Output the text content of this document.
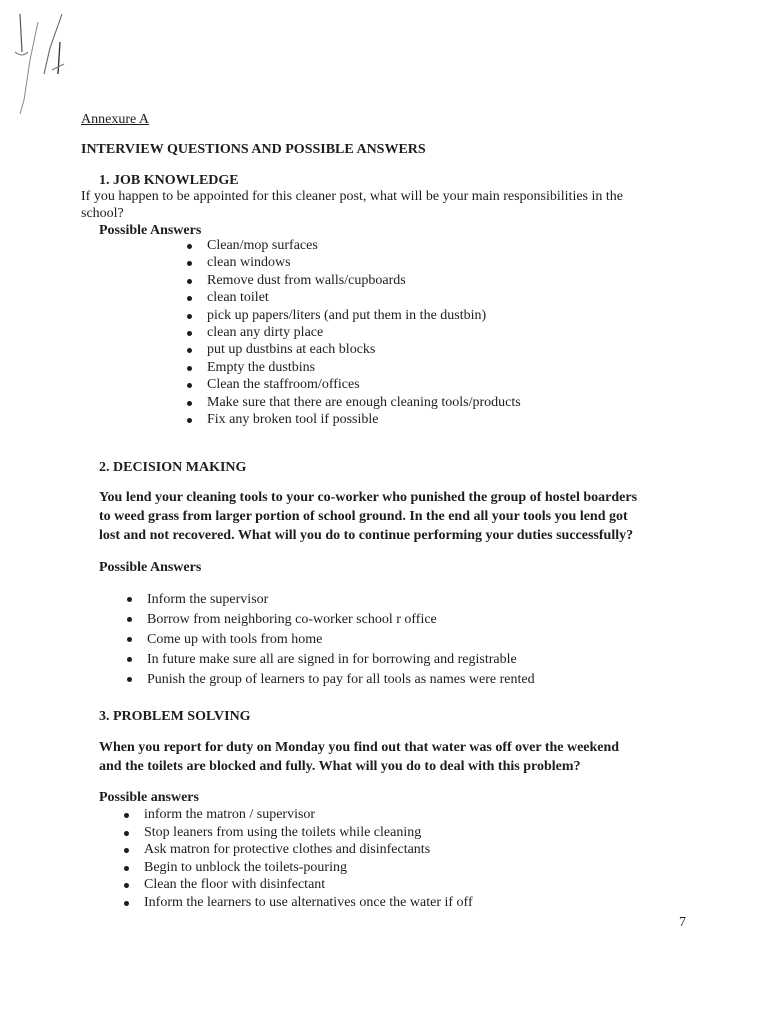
Annexure A
INTERVIEW QUESTIONS AND POSSIBLE ANSWERS
1. JOB KNOWLEDGE
If you happen to be appointed for this cleaner post, what will be your main responsibilities in the
school?
Possible Answers
Clean/mop surfaces
clean windows
Remove dust from walls/cupboards
clean toilet
pick up papers/liters (and put them in the dustbin)
clean any dirty place
put up dustbins at each blocks
Empty the dustbins
Clean the staffroom/offices
Make sure that there are enough cleaning tools/products
Fix any broken tool if possible
2. DECISION MAKING
You lend your cleaning tools to your co-worker who punished the group of hostel boarders
to weed grass from larger portion of school ground. In the end all your tools you lend got
lost and not recovered. What will you do to continue performing your duties successfully?
Possible Answers
Inform the supervisor
Borrow from neighboring co-worker school r office
Come up with tools from home
In future make sure all are signed in for borrowing and registrable
Punish the group of learners to pay for all tools as names were rented
3. PROBLEM SOLVING
When you report for duty on Monday you find out that water was off over the weekend
and the toilets are blocked and fully. What will you do to deal with this problem?
Possible answers
inform the matron / supervisor
Stop leaners from using the toilets while cleaning
Ask matron for protective clothes and disinfectants
Begin to unblock the toilets-pouring
Clean the floor with disinfectant
Inform the learners to use alternatives once the water if off
7
